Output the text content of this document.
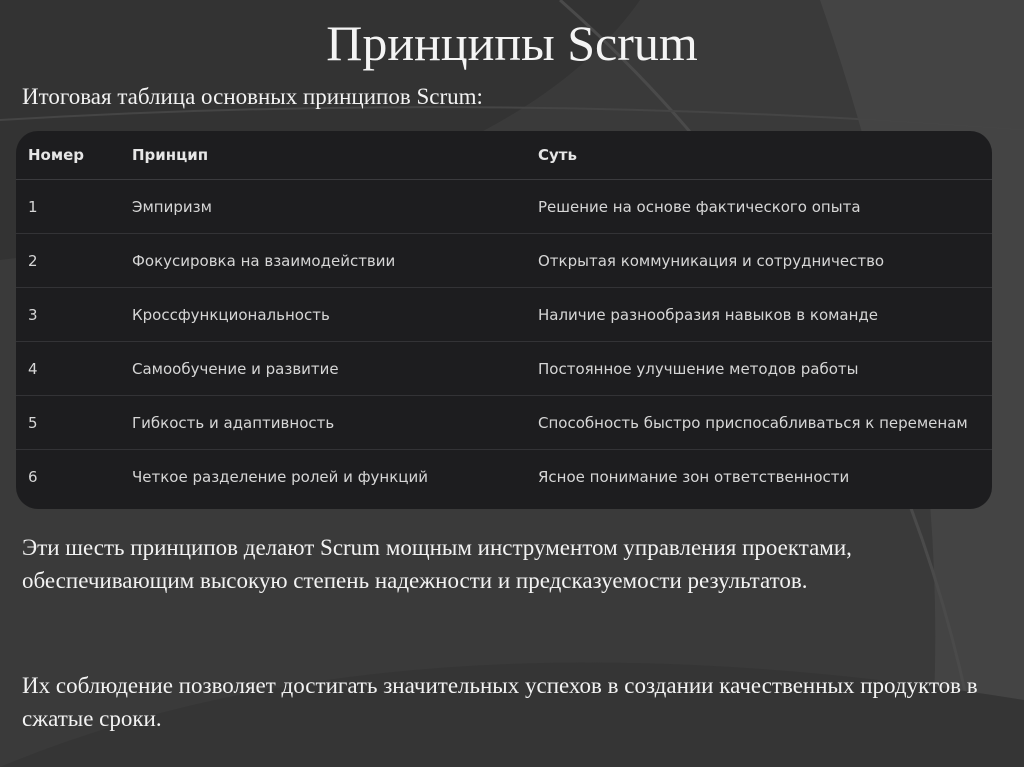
Принципы Scrum
Итоговая таблица основных принципов Scrum:
Номер	Принцип	Суть
1	Эмпиризм	Решение на основе фактического опыта
2	Фокусировка на взаимодействии	Открытая коммуникация и сотрудничество
3	Кроссфункциональность	Наличие разнообразия навыков в команде
4	Самообучение и развитие	Постоянное улучшение методов работы
5	Гибкость и адаптивность	Способность быстро приспосабливаться к переменам
6	Четкое разделение ролей и функций	Ясное понимание зон ответственности

Эти шесть принципов делают Scrum мощным инструментом управления проектами, обеспечивающим высокую степень надежности и предсказуемости результатов.

Их соблюдение позволяет достигать значительных успехов в создании качественных продуктов в сжатые сроки.
